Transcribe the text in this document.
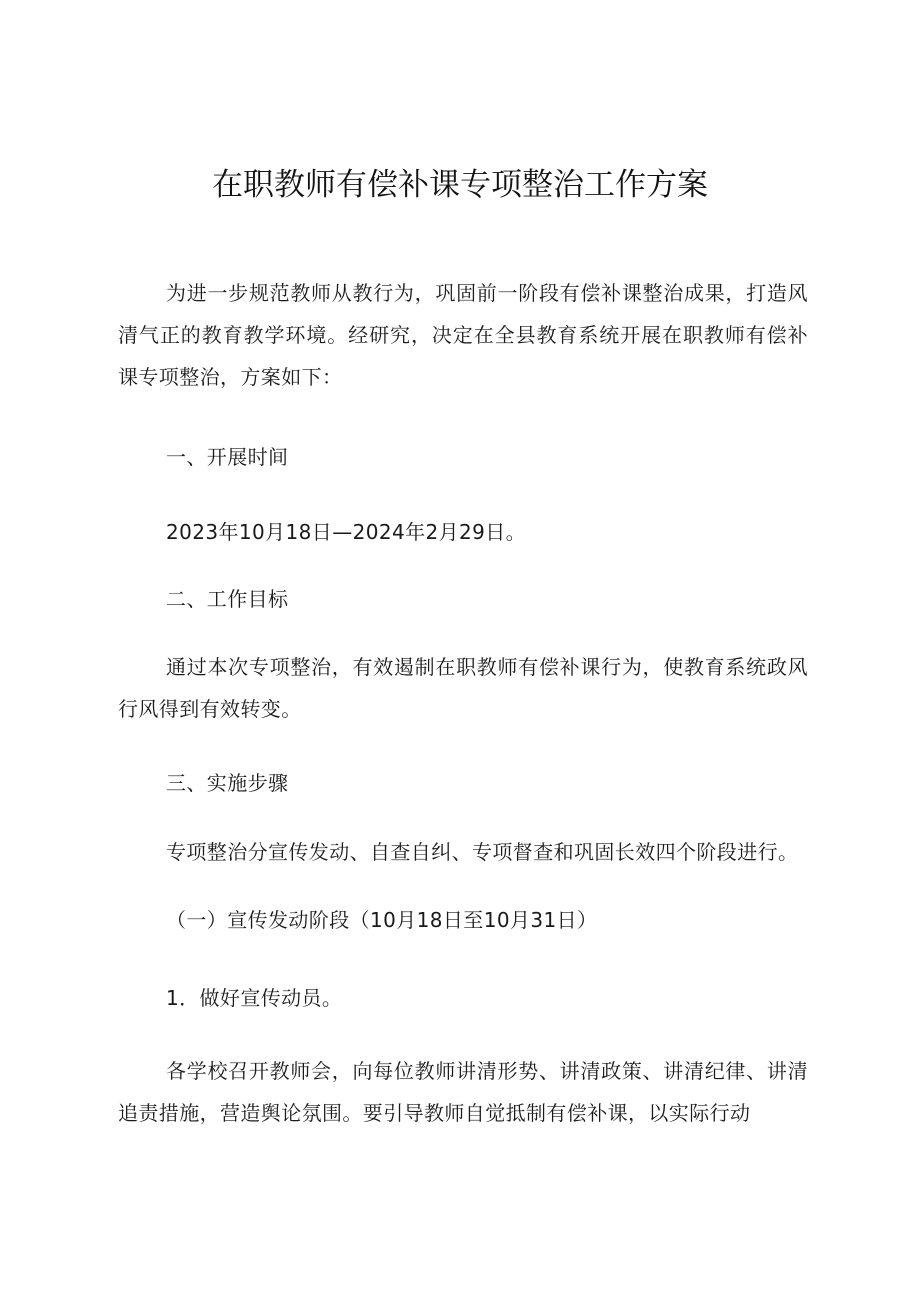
在职教师有偿补课专项整治工作方案

为进一步规范教师从教行为，巩固前一阶段有偿补课整治成果，打造风清气正的教育教学环境。经研究，决定在全县教育系统开展在职教师有偿补课专项整治，方案如下：

一、开展时间

2023年10月18日—2024年2月29日。

二、工作目标

通过本次专项整治，有效遏制在职教师有偿补课行为，使教育系统政风行风得到有效转变。

三、实施步骤

专项整治分宣传发动、自查自纠、专项督查和巩固长效四个阶段进行。

（一）宣传发动阶段（10月18日至10月31日）

1．做好宣传动员。

各学校召开教师会，向每位教师讲清形势、讲清政策、讲清纪律、讲清追责措施，营造舆论氛围。要引导教师自觉抵制有偿补课，以实际行动
